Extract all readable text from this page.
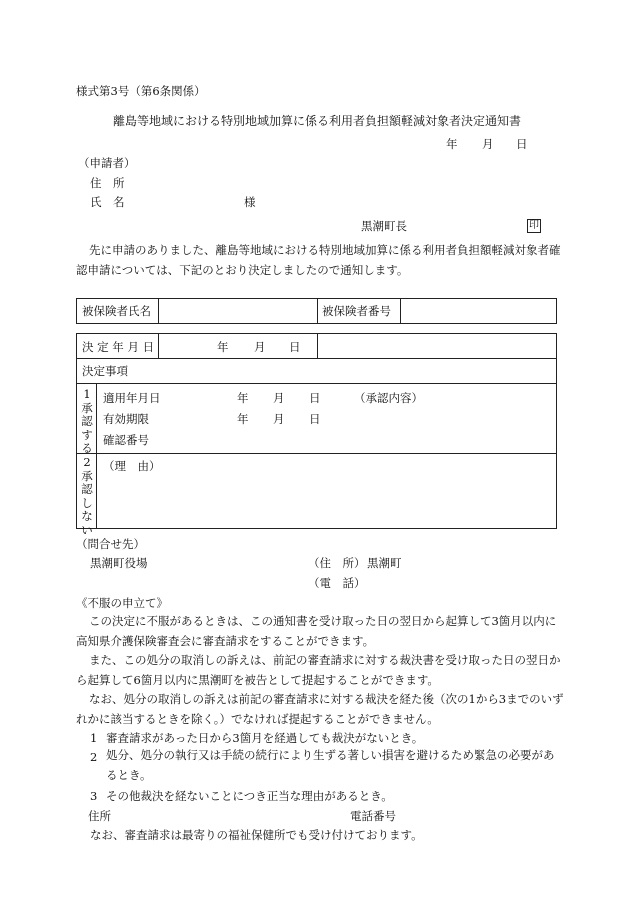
様式第3号（第6条関係）
離島等地域における特別地域加算に係る利用者負担額軽減対象者決定通知書
年 月 日
（申請者）
住　所
氏　名	様
黒潮町長	印
先に申請のありました、離島等地域における特別地域加算に係る利用者負担額軽減対象者確認申請については、下記のとおり決定しましたので通知します。
被保険者氏名	被保険者番号
決 定 年 月 日	年 月 日
決定事項
1
承
認
す
る
適用年月日	年 月 日	（承認内容）
有効期限	年 月 日
確認番号
2
承
認
し
な
い
（理　由）
（問合せ先）
黒潮町役場	（住　所） 黒潮町
（電　話）
《不服の申立て》
この決定に不服があるときは、この通知書を受け取った日の翌日から起算して3箇月以内に高知県介護保険審査会に審査請求をすることができます。
また、この処分の取消しの訴えは、前記の審査請求に対する裁決書を受け取った日の翌日から起算して6箇月以内に黒潮町を被告として提起することができます。
なお、処分の取消しの訴えは前記の審査請求に対する裁決を経た後（次の1から3までのいずれかに該当するときを除く。）でなければ提起することができません。
1 審査請求があった日から3箇月を経過しても裁決がないとき。
2 処分、処分の執行又は手続の続行により生ずる著しい損害を避けるため緊急の必要があるとき。
3 その他裁決を経ないことにつき正当な理由があるとき。
住所	電話番号
なお、審査請求は最寄りの福祉保健所でも受け付けております。
